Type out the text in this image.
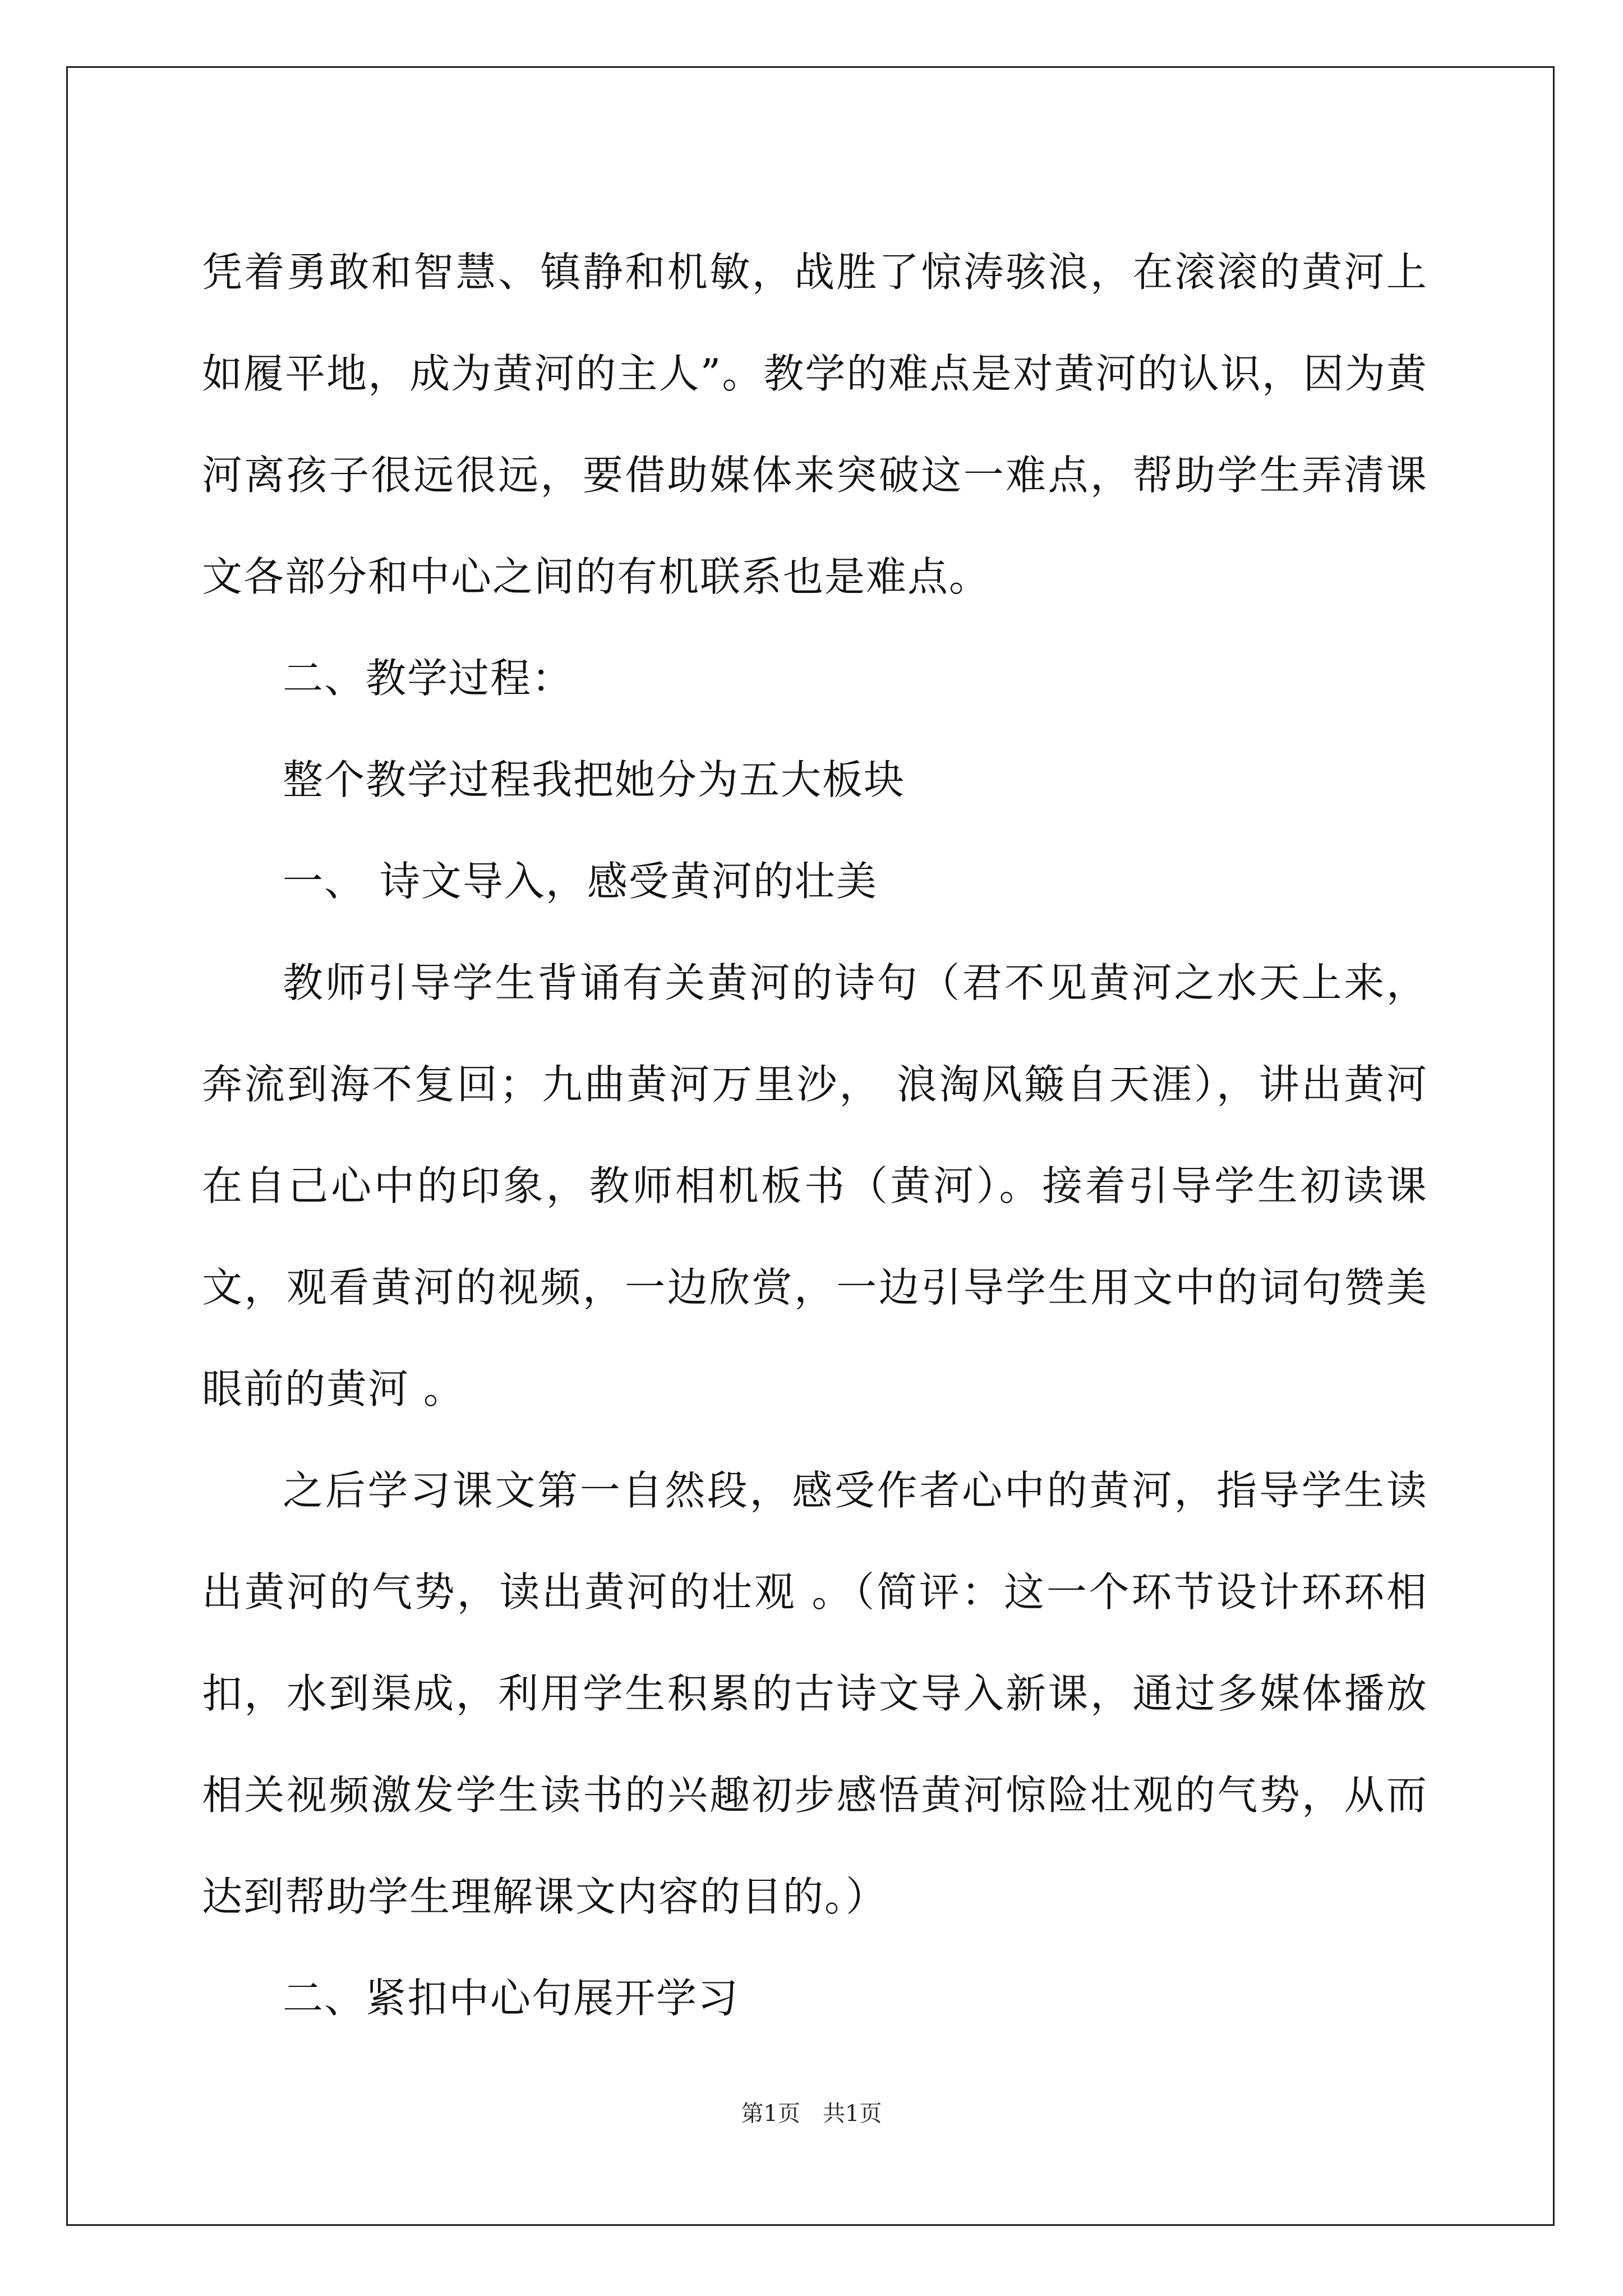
凭着勇敢和智慧、镇静和机敏，战胜了惊涛骇浪，在滚滚的黄河上如履平地，成为黄河的主人”。教学的难点是对黄河的认识，因为黄河离孩子很远很远，要借助媒体来突破这一难点，帮助学生弄清课文各部分和中心之间的有机联系也是难点。

二、教学过程：

整个教学过程我把她分为五大板块

一、 诗文导入，感受黄河的壮美

教师引导学生背诵有关黄河的诗句（君不见黄河之水天上来，奔流到海不复回；九曲黄河万里沙， 浪淘风簸自天涯），讲出黄河在自己心中的印象，教师相机板书（黄河）。接着引导学生初读课文，观看黄河的视频，一边欣赏，一边引导学生用文中的词句赞美眼前的黄河 。

之后学习课文第一自然段，感受作者心中的黄河，指导学生读出黄河的气势，读出黄河的壮观 。（简评：这一个环节设计环环相扣，水到渠成，利用学生积累的古诗文导入新课，通过多媒体播放相关视频激发学生读书的兴趣初步感悟黄河惊险壮观的气势，从而达到帮助学生理解课文内容的目的。）

二、紧扣中心句展开学习

第1页　共1页
